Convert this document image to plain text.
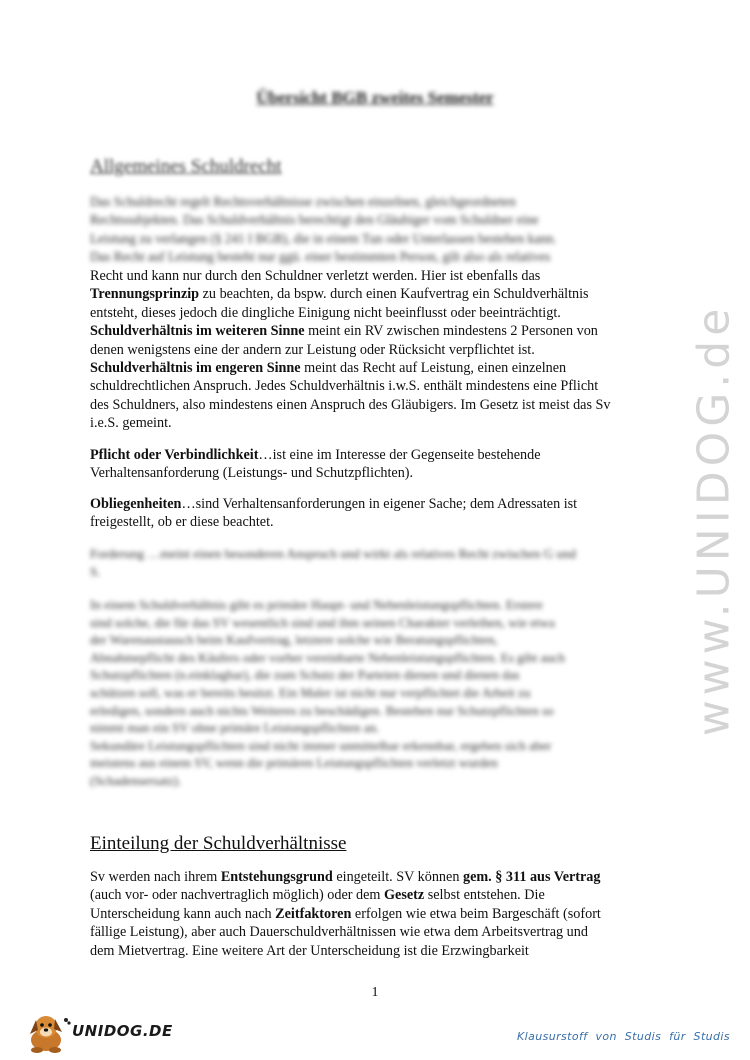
Übersicht BGB zweites Semester
Allgemeines Schuldrecht
Das Schuldrecht regelt Rechtsverhältnisse zwischen einzelnen, gleichgeordneten
Rechtssubjekten. Das Schuldverhältnis berechtigt den Gläubiger vom Schuldner eine
Leistung zu verlangen (§ 241 I BGB), die in einem Tun oder Unterlassen bestehen kann.
Das Recht auf Leistung besteht nur ggü. einer bestimmten Person, gilt also als relatives
Recht und kann nur durch den Schuldner verletzt werden. Hier ist ebenfalls das
Trennungsprinzip zu beachten, da bspw. durch einen Kaufvertrag ein Schuldverhältnis
entsteht, dieses jedoch die dingliche Einigung nicht beeinflusst oder beeinträchtigt.
Schuldverhältnis im weiteren Sinne meint ein RV zwischen mindestens 2 Personen von
denen wenigstens eine der andern zur Leistung oder Rücksicht verpflichtet ist.
Schuldverhältnis im engeren Sinne meint das Recht auf Leistung, einen einzelnen
schuldrechtlichen Anspruch. Jedes Schuldverhältnis i.w.S. enthält mindestens eine Pflicht
des Schuldners, also mindestens einen Anspruch des Gläubigers. Im Gesetz ist meist das Sv
i.e.S. gemeint.
Pflicht oder Verbindlichkeit…ist eine im Interesse der Gegenseite bestehende
Verhaltensanforderung (Leistungs- und Schutzpflichten).
Obliegenheiten…sind Verhaltensanforderungen in eigener Sache; dem Adressaten ist
freigestellt, ob er diese beachtet.
Forderung …meint einen besonderen Anspruch und wirkt als relatives Recht zwischen G und
S.
In einem Schuldverhältnis gibt es primäre Haupt- und Nebenleistungspflichten. Erstere
sind solche, die für das SV wesentlich sind und ihm seinen Charakter verleihen, wie etwa
der Warenaustausch beim Kaufvertrag, letztere solche wie Beratungspflichten,
Abnahmepflicht des Käufers oder vorher vereinbarte Nebenleistungspflichten. Es gibt auch
Schutzpflichten (n.einklagbar), die zum Schutz der Parteien dienen und dienen das
schützen soll, was er bereits besitzt. Ein Maler ist nicht nur verpflichtet die Arbeit zu
erledigen, sondern auch nichts Weiteres zu beschädigen. Bestehen nur Schutzpflichten so
nimmt man ein SV ohne primäre Leistungspflichten an.
Sekundäre Leistungspflichten sind nicht immer unmittelbar erkennbar, ergeben sich aber
meistens aus einem SV, wenn die primären Leistungspflichten verletzt wurden
(Schadensersatz).
Einteilung der Schuldverhältnisse
Sv werden nach ihrem Entstehungsgrund eingeteilt. SV können gem. § 311 aus Vertrag
(auch vor- oder nachvertraglich möglich) oder dem Gesetz selbst entstehen. Die
Unterscheidung kann auch nach Zeitfaktoren erfolgen wie etwa beim Bargeschäft (sofort
fällige Leistung), aber auch Dauerschuldverhältnissen wie etwa dem Arbeitsvertrag und
dem Mietvertrag. Eine weitere Art der Unterscheidung ist die Erzwingbarkeit
www.UNIDOG.de
1
UNIDOG.DE	Klausurstoff von Studis für Studis
